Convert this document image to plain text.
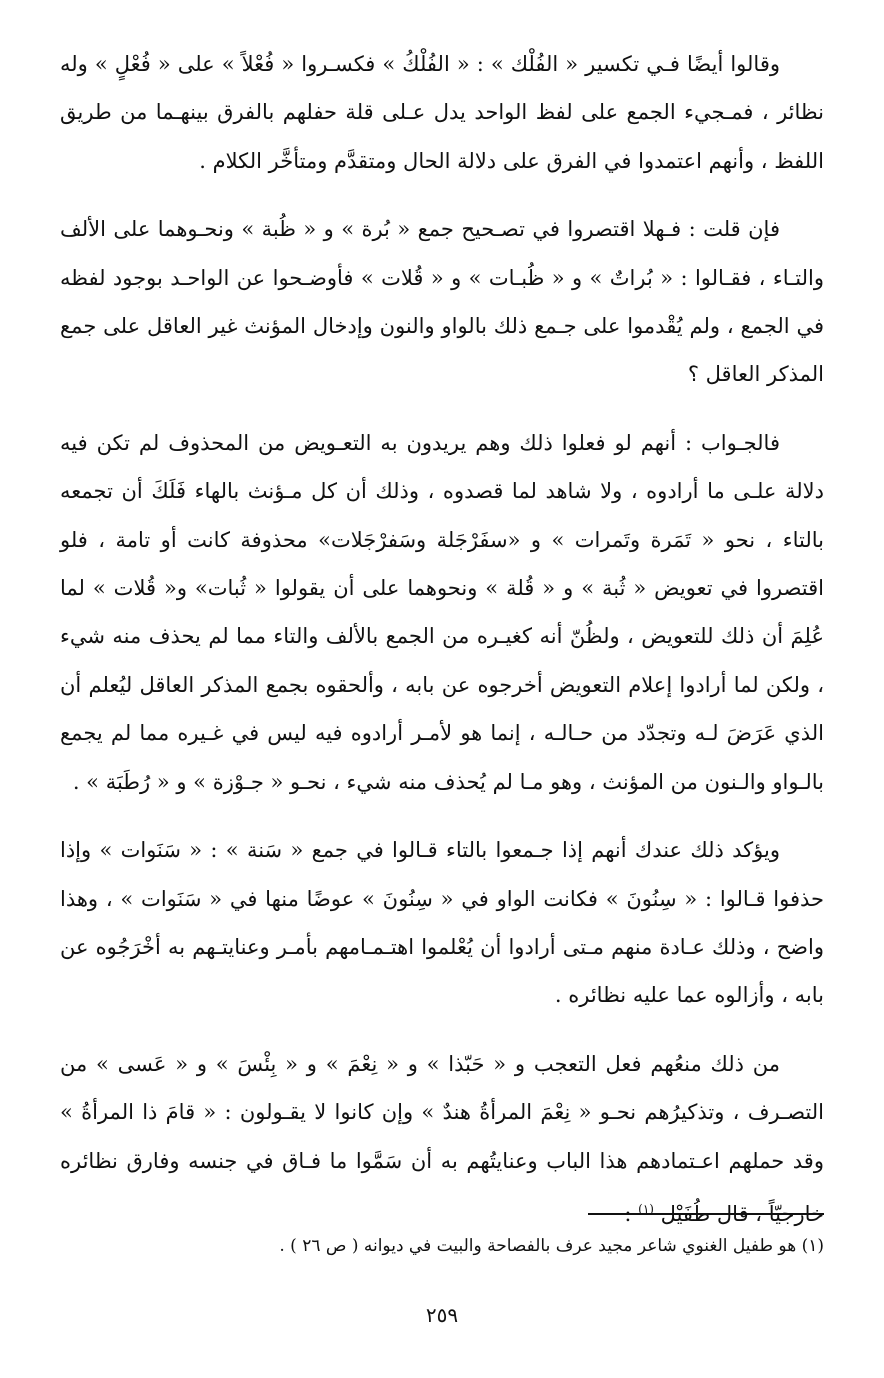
وقالوا أيضًا فـي تكسير « الفُلْك » : « الفُلْكُ » فكسـروا « فُعْلاً » على « فُعْلٍ » وله نظائر ، فمـجيء الجمع على لفظ الواحد يدل عـلى قلة حفلهم بالفرق بينهـما من طريق اللفظ ، وأنهم اعتمدوا في الفرق على دلالة الحال ومتقدَّم ومتأخَّر الكلام .

فإن قلت : فـهلا اقتصروا في تصـحيح جمع « بُرة » و « ظُبة » ونحـوهما على الألف والتـاء ، فقـالوا : « بُراتٌ » و « ظُبـات » و « قُلات » فأوضـحوا عن الواحـد بوجود لفظه في الجمع ، ولم يُقْدموا على جـمع ذلك بالواو والنون وإدخال المؤنث غير العاقل على جمع المذكر العاقل ؟

فالجـواب : أنهم لو فعلوا ذلك وهم يريدون به التعـويض من المحذوف لم تكن فيه دلالة علـى ما أرادوه ، ولا شاهد لما قصدوه ، وذلك أن كل مـؤنث بالهاء فَلَكَ أن تجمعه بالتاء ، نحو « تَمَرة وتَمرات » و «سفَرْجَلة وسَفرْجَلات» محذوفة كانت أو تامة ، فلو اقتصروا في تعويض « ثُبة » و « قُلة » ونحوهما على أن يقولوا « ثُبات» و« قُلات » لما عُلِمَ أن ذلك للتعويض ، ولظُنّ أنه كغيـره من الجمع بالألف والتاء مما لم يحذف منه شيء ، ولكن لما أرادوا إعلام التعويض أخرجوه عن بابه ، وألحقوه بجمع المذكر العاقل ليُعلم أن الذي عَرَضَ لـه وتجدّد من حـالـه ، إنما هو لأمـر أرادوه فيه ليس في غـيره مما لم يجمع بالـواو والـنون من المؤنث ، وهو مـا لم يُحذف منه شيء ، نحـو « جـوْزة » و « رُطَبَة » .

ويؤكد ذلك عندك أنهم إذا جـمعوا بالتاء قـالوا في جمع « سَنة » : « سَنَوات » وإذا حذفوا قـالوا : « سِنُونَ » فكانت الواو في « سِنُونَ » عوضًا منها في « سَنَوات » ، وهذا واضح ، وذلك عـادة منهم مـتى أرادوا أن يُعْلموا اهتـمـامهم بأمـر وعنايتـهم به أخْرَجُوه عن بابه ، وأزالوه عما عليه نظائره .

من ذلك منعُهم فعل التعجب و « حَبّذا » و « نِعْمَ » و « بِئْسَ » و « عَسى » من التصـرف ، وتذكيرُهم نحـو « نِعْمَ المرأةُ هندٌ » وإن كانوا لا يقـولون : « قامَ ذا المرأةُ » وقد حملهم اعـتمادهم هذا الباب وعنايتُهم به أن سَمَّوا ما فـاق في جنسه وفارق نظائره خارجيّاً ، قال طُفَيْل $^{(١)}$ :

(١) هو طفيل الغنوي شاعر مجيد عرف بالفصاحة والبيت في ديوانه ( ص ٢٦ ) .

٢٥٩
